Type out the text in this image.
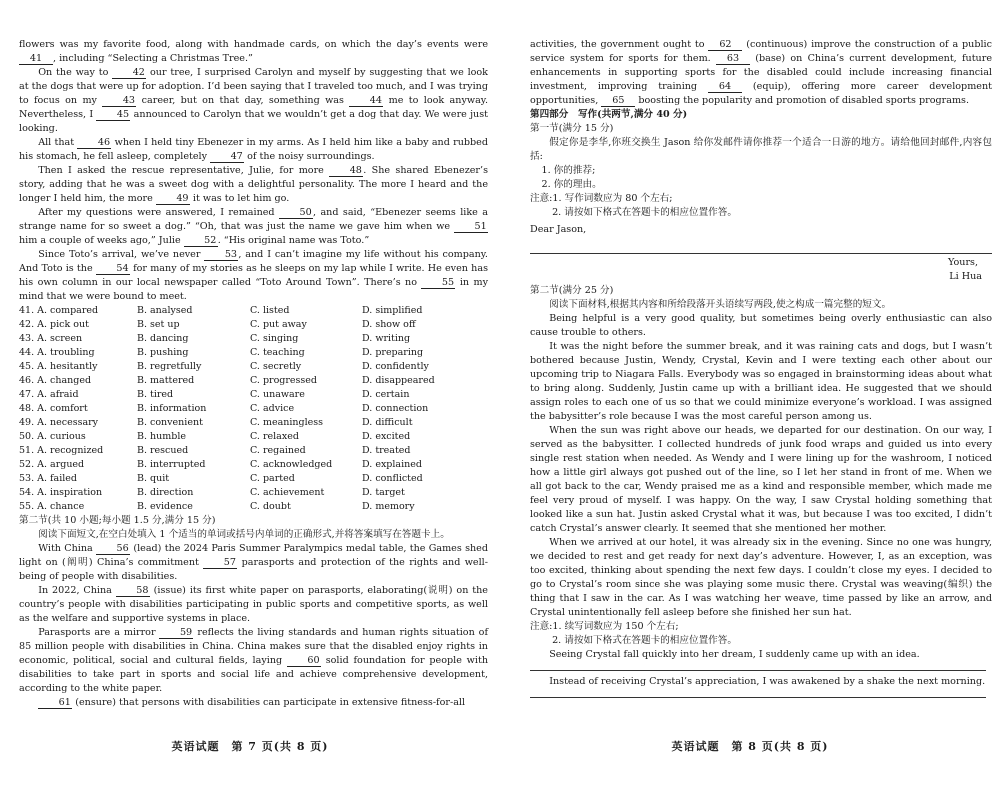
flowers was my favorite food, along with handmade cards, on which the day’s events were 41 , including “Selecting a Christmas Tree.”

On the way to 42 our tree, I surprised Carolyn and myself by suggesting that we look at the dogs that were up for adoption. I’d been saying that I traveled too much, and I was trying to focus on my 43 career, but on that day, something was 44 me to look anyway. Nevertheless, I 45 announced to Carolyn that we wouldn’t get a dog that day. We were just looking.

All that 46 when I held tiny Ebenezer in my arms. As I held him like a baby and rubbed his stomach, he fell asleep, completely 47 of the noisy surroundings.

Then I asked the rescue representative, Julie, for more 48. She shared Ebenezer’s story, adding that he was a sweet dog with a delightful personality. The more I heard and the longer I held him, the more 49 it was to let him go.

After my questions were answered, I remained 50, and said, “Ebenezer seems like a strange name for so sweet a dog.” “Oh, that was just the name we gave him when we 51 him a couple of weeks ago,” Julie 52. “His original name was Toto.”

Since Toto’s arrival, we’ve never 53, and I can’t imagine my life without his company. And Toto is the 54 for many of my stories as he sleeps on my lap while I write. He even has his own column in our local newspaper called “Toto Around Town”. There’s no 55 in my mind that we were bound to meet.

41. A. compared	B. analysed	C. listed	D. simplified
42. A. pick out	B. set up	C. put away	D. show off
43. A. screen	B. dancing	C. singing	D. writing
44. A. troubling	B. pushing	C. teaching	D. preparing
45. A. hesitantly	B. regretfully	C. secretly	D. confidently
46. A. changed	B. mattered	C. progressed	D. disappeared
47. A. afraid	B. tired	C. unaware	D. certain
48. A. comfort	B. information	C. advice	D. connection
49. A. necessary	B. convenient	C. meaningless	D. difficult
50. A. curious	B. humble	C. relaxed	D. excited
51. A. recognized	B. rescued	C. regained	D. treated
52. A. argued	B. interrupted	C. acknowledged	D. explained
53. A. failed	B. quit	C. parted	D. conflicted
54. A. inspiration	B. direction	C. achievement	D. target
55. A. chance	B. evidence	C. doubt	D. memory

第二节(共 10 小题;每小题 1.5 分,满分 15 分)

阅读下面短文,在空白处填入 1 个适当的单词或括号内单词的正确形式,并将答案填写在答题卡上。

With China 56 (lead) the 2024 Paris Summer Paralympics medal table, the Games shed light on (阐明) China’s commitment 57 parasports and protection of the rights and well-being of people with disabilities.

In 2022, China 58 (issue) its first white paper on parasports, elaborating(说明) on the country’s people with disabilities participating in public sports and competitive sports, as well as the welfare and supportive systems in place.

Parasports are a mirror 59 reflects the living standards and human rights situation of 85 million people with disabilities in China. China makes sure that the disabled enjoy rights in economic, political, social and cultural fields, laying 60 solid foundation for people with disabilities to take part in sports and social life and achieve comprehensive development, according to the white paper.

61 (ensure) that persons with disabilities can participate in extensive fitness-for-all

英语试题　第 7 页(共 8 页)

activities, the government ought to 62 (continuous) improve the construction of a public service system for sports for them. 63 (base) on China’s current development, future enhancements in supporting sports for the disabled could include increasing financial investment, improving training 64 (equip), offering more career development opportunities, 65 boosting the popularity and promotion of disabled sports programs.

第四部分　写作(共两节,满分 40 分)

第一节(满分 15 分)

假定你是李华,你班交换生 Jason 给你发邮件请你推荐一个适合一日游的地方。请给他回封邮件,内容包括:

1. 你的推荐;

2. 你的理由。

注意:1. 写作词数应为 80 个左右;

2. 请按如下格式在答题卡的相应位置作答。

Dear Jason,

Yours,

Li Hua

第二节(满分 25 分)

阅读下面材料,根据其内容和所给段落开头语续写两段,使之构成一篇完整的短文。

Being helpful is a very good quality, but sometimes being overly enthusiastic can also cause trouble to others.

It was the night before the summer break, and it was raining cats and dogs, but I wasn’t bothered because Justin, Wendy, Crystal, Kevin and I were texting each other about our upcoming trip to Niagara Falls. Everybody was so engaged in brainstorming ideas about what to bring along. Suddenly, Justin came up with a brilliant idea. He suggested that we should assign roles to each one of us so that we could minimize everyone’s workload. I was assigned the babysitter’s role because I was the most careful person among us.

When the sun was right above our heads, we departed for our destination. On our way, I served as the babysitter. I collected hundreds of junk food wraps and guided us into every single rest station when needed. As Wendy and I were lining up for the washroom, I noticed how a little girl always got pushed out of the line, so I let her stand in front of me. When we all got back to the car, Wendy praised me as a kind and responsible member, which made me feel very proud of myself. I was happy. On the way, I saw Crystal holding something that looked like a sun hat. Justin asked Crystal what it was, but because I was too excited, I didn’t catch Crystal’s answer clearly. It seemed that she mentioned her mother.

When we arrived at our hotel, it was already six in the evening. Since no one was hungry, we decided to rest and get ready for next day’s adventure. However, I, as an exception, was too excited, thinking about spending the next few days. I couldn’t close my eyes. I decided to go to Crystal’s room since she was playing some music there. Crystal was weaving(编织) the thing that I saw in the car. As I was watching her weave, time passed by like an arrow, and Crystal unintentionally fell asleep before she finished her sun hat.

注意:1. 续写词数应为 150 个左右;

2. 请按如下格式在答题卡的相应位置作答。

Seeing Crystal fall quickly into her dream, I suddenly came up with an idea.

Instead of receiving Crystal’s appreciation, I was awakened by a shake the next morning.

英语试题　第 8 页(共 8 页)
